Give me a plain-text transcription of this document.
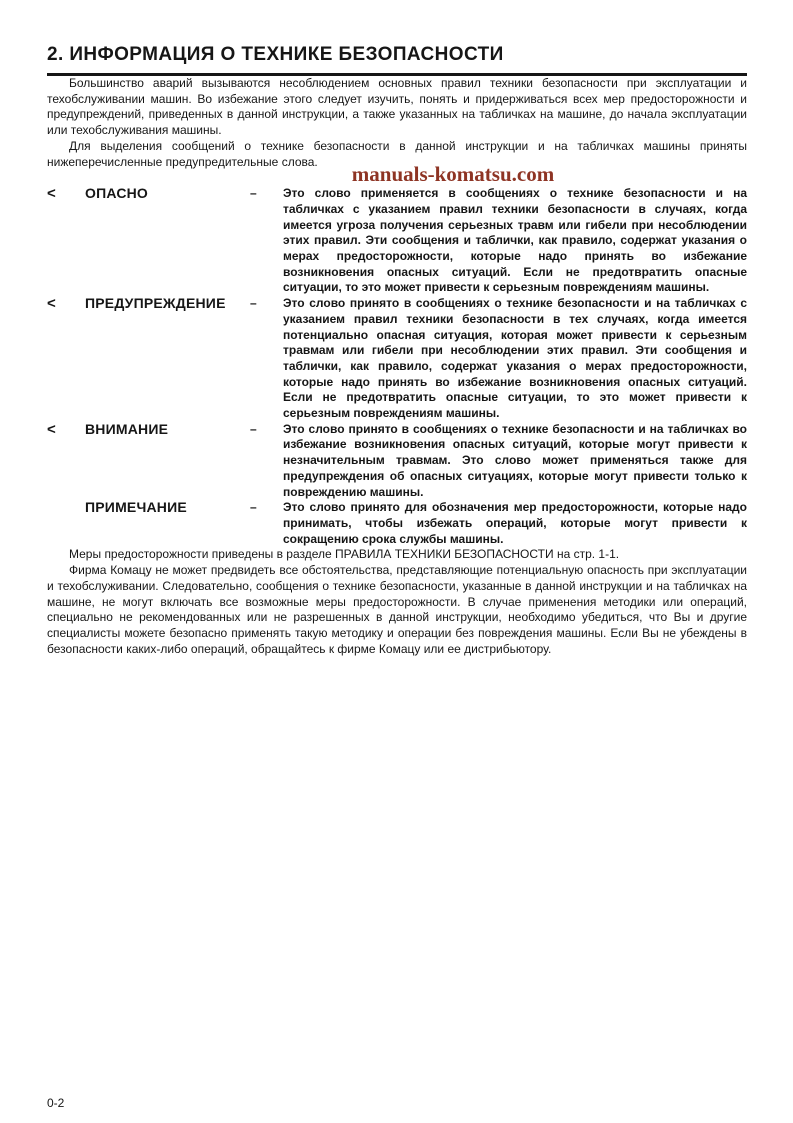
2. ИНФОРМАЦИЯ О ТЕХНИКЕ БЕЗОПАСНОСТИ

Большинство аварий вызываются несоблюдением основных правил техники безопасности при эксплуатации и техобслуживании машин. Во избежание этого следует изучить, понять и придерживаться всех мер предосторожности и предупреждений, приведенных в данной инструкции, а также указанных на табличках на машине, до начала эксплуатации или техобслуживания машины.

Для выделения сообщений о технике безопасности в данной инструкции и на табличках машины приняты нижеперечисленные предупредительные слова.

manuals-komatsu.com
<	ОПАСНО	–	Это слово применяется в сообщениях о технике безопасности и на табличках с указанием правил техники безопасности в случаях, когда имеется угроза получения серьезных травм или гибели при несоблюдении этих правил. Эти сообщения и таблички, как правило, содержат указания о мерах предосторожности, которые надо принять во избежание возникновения опасных ситуаций. Если не предотвратить опасные ситуации, то это может привести к серьезным повреждениям машины.
<	ПРЕДУПРЕЖДЕНИЕ	–	Это слово принято в сообщениях о технике безопасности и на табличках с указанием правил техники безопасности в тех случаях, когда имеется потенциально опасная ситуация, которая может привести к серьезным травмам или гибели при несоблюдении этих правил. Эти сообщения и таблички, как правило, содержат указания о мерах предосторожности, которые надо принять во избежание возникновения опасных ситуаций. Если не предотвратить опасные ситуации, то это может привести к серьезным повреждениям машины.
<	ВНИМАНИЕ	–	Это слово принято в сообщениях о технике безопасности и на табличках во избежание возникновения опасных ситуаций, которые могут привести к незначительным травмам. Это слово может применяться также для предупреждения об опасных ситуациях, которые могут привести только к повреждению машины.
ПРИМЕЧАНИЕ	–	Это слово принято для обозначения мер предосторожности, которые надо принимать, чтобы избежать операций, которые могут привести к сокращению срока службы машины.

Меры предосторожности приведены в разделе ПРАВИЛА ТЕХНИКИ БЕЗОПАСНОСТИ на стр. 1-1.

Фирма Комацу не может предвидеть все обстоятельства, представляющие потенциальную опасность при эксплуатации и техобслуживании. Следовательно, сообщения о технике безопасности, указанные в данной инструкции и на табличках на машине, не могут включать все возможные меры предосторожности. В случае применения методики или операций, специально не рекомендованных или не разрешенных в данной инструкции, необходимо убедиться, что Вы и другие специалисты можете безопасно применять такую методику и операции без повреждения машины. Если Вы не убеждены в безопасности каких-либо операций, обращайтесь к фирме Комацу или ее дистрибьютору.

0-2
